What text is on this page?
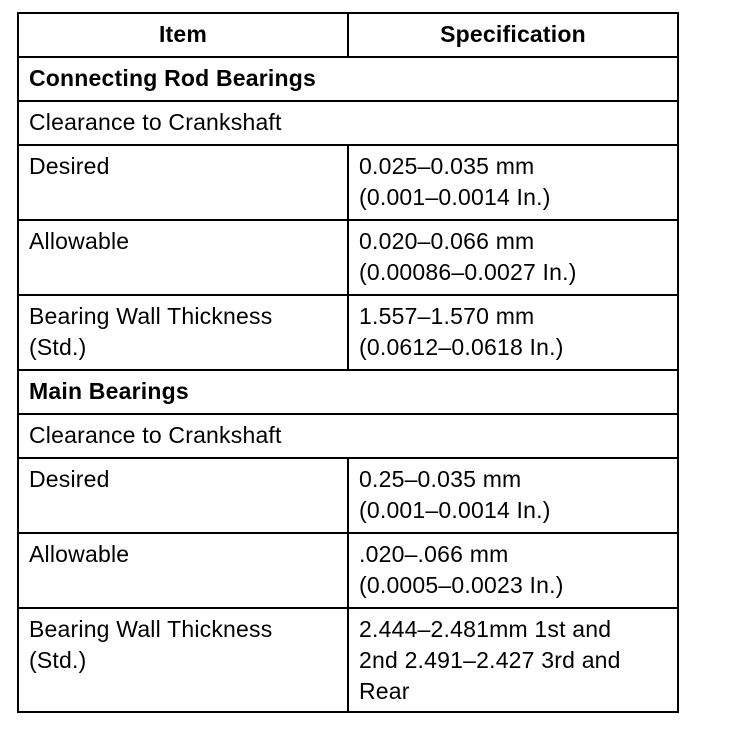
Item	Specification
Connecting Rod Bearings	
Clearance to Crankshaft	
Desired	0.025–0.035 mm
(0.001–0.0014 In.)

Allowable	0.020–0.066 mm
(0.00086–0.0027 In.)

Bearing Wall Thickness
(Std.)	1.557–1.570 mm
(0.0612–0.0618 In.)

Main Bearings	
Clearance to Crankshaft	
Desired	0.25–0.035 mm
(0.001–0.0014 In.)

Allowable	.020–.066 mm
(0.0005–0.0023 In.)

Bearing Wall Thickness
(Std.)	2.444–2.481mm 1st and
2nd 2.491–2.427 3rd and
Rear
